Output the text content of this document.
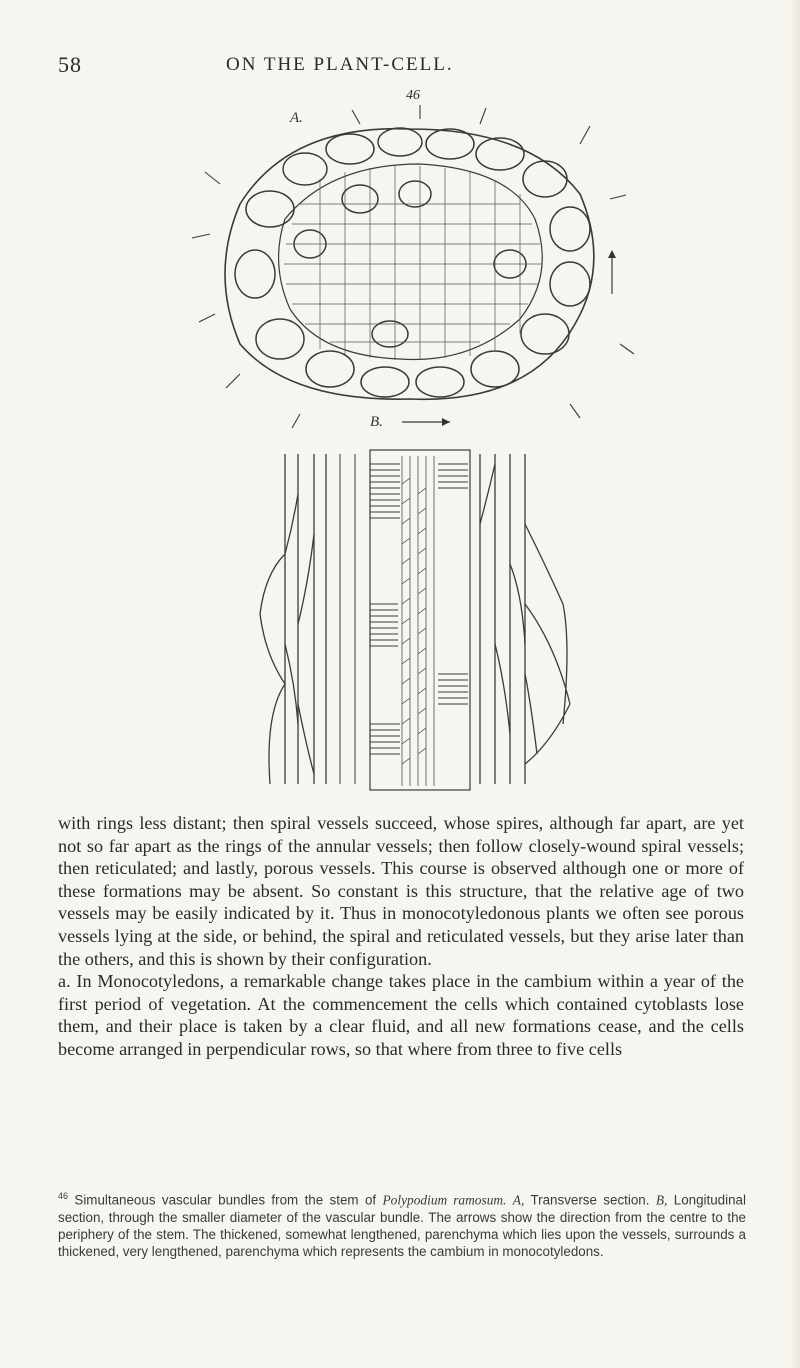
58	ON THE PLANT-CELL.
46
A.
B.

with rings less distant; then spiral vessels succeed, whose spires, although far apart, are yet not so far apart as the rings of the annular vessels; then follow closely-wound spiral vessels; then reticulated; and lastly, porous vessels. This course is observed although one or more of these formations may be absent. So constant is this structure, that the relative age of two vessels may be easily indicated by it. Thus in monocotyledonous plants we often see porous vessels lying at the side, or behind, the spiral and reticulated vessels, but they arise later than the others, and this is shown by their configuration.

a. In Monocotyledons, a remarkable change takes place in the cambium within a year of the first period of vegetation. At the commencement the cells which contained cytoblasts lose them, and their place is taken by a clear fluid, and all new formations cease, and the cells become arranged in perpendicular rows, so that where from three to five cells

$^{46}$ Simultaneous vascular bundles from the stem of Polypodium ramosum. A, Transverse section. B, Longitudinal section, through the smaller diameter of the vascular bundle. The arrows show the direction from the centre to the periphery of the stem. The thickened, somewhat lengthened, parenchyma which lies upon the vessels, surrounds a thickened, very lengthened, parenchyma which represents the cambium in monocotyledons.
